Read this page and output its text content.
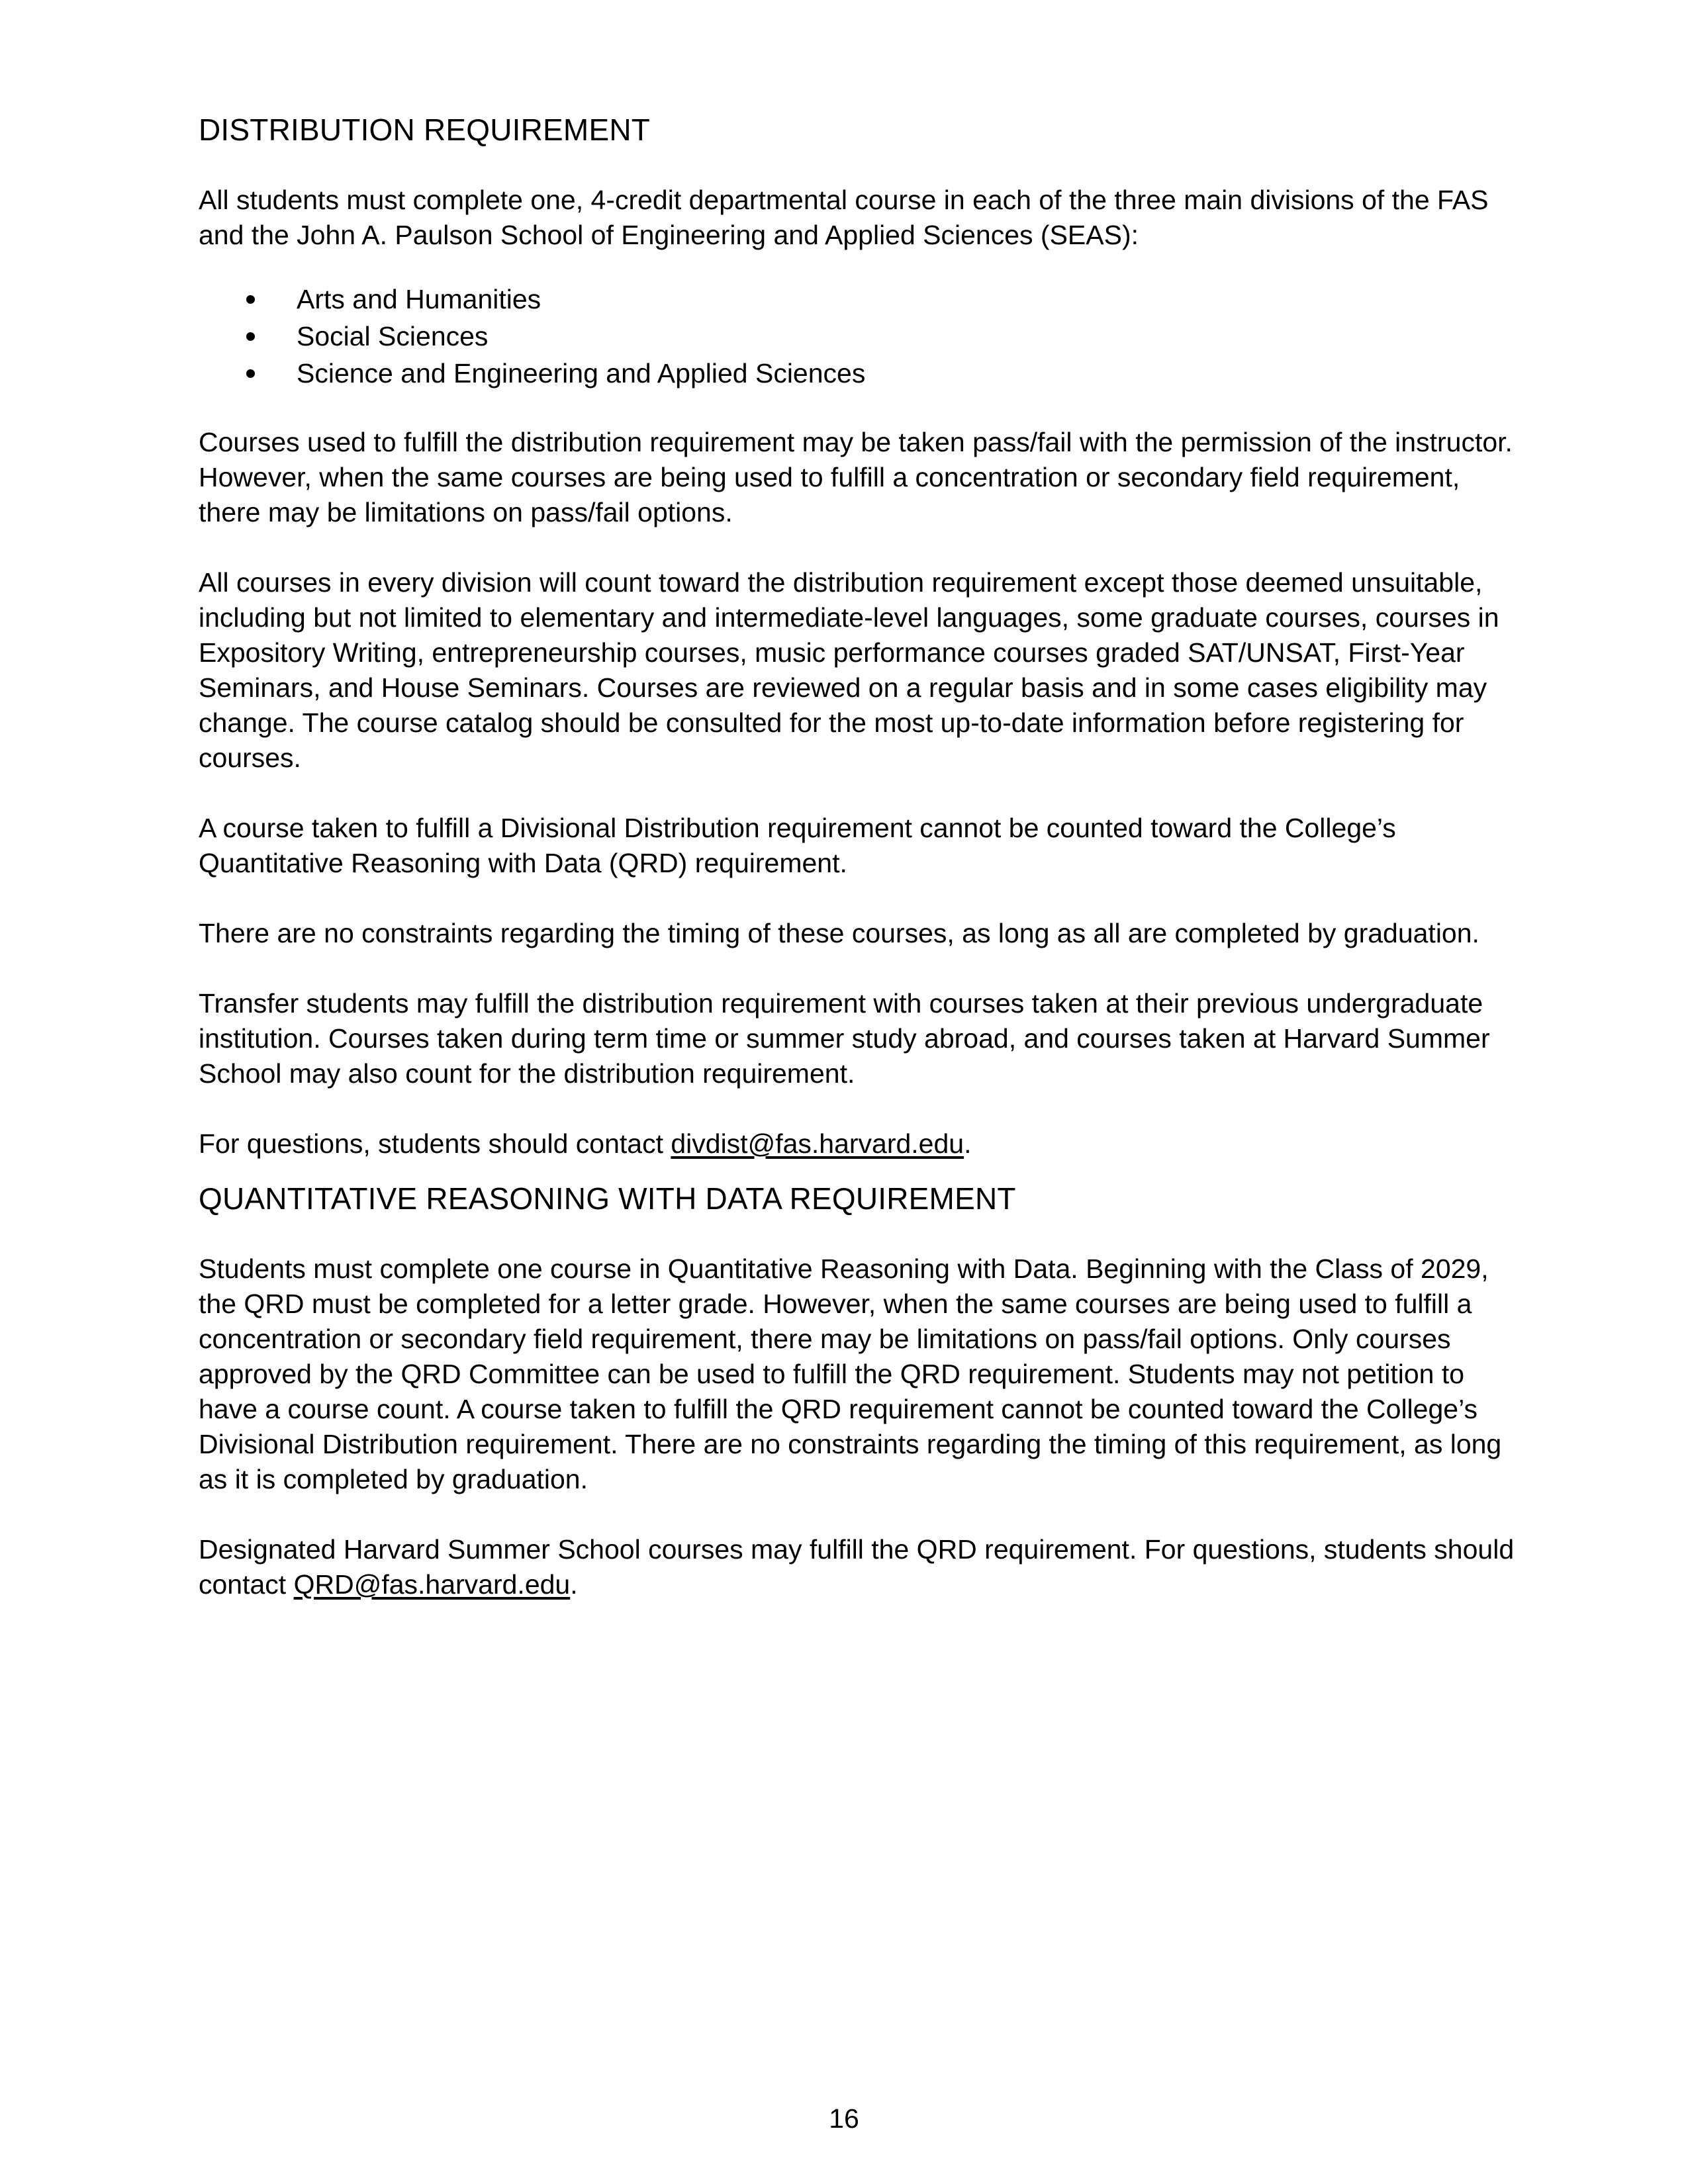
DISTRIBUTION REQUIREMENT

All students must complete one, 4-credit departmental course in each of the three main divisions of the FAS and the John A. Paulson School of Engineering and Applied Sciences (SEAS):

Arts and Humanities
Social Sciences
Science and Engineering and Applied Sciences

Courses used to fulfill the distribution requirement may be taken pass/fail with the permission of the instructor. However, when the same courses are being used to fulfill a concentration or secondary field requirement, there may be limitations on pass/fail options.

All courses in every division will count toward the distribution requirement except those deemed unsuitable, including but not limited to elementary and intermediate-level languages, some graduate courses, courses in Expository Writing, entrepreneurship courses, music performance courses graded SAT/UNSAT, First-Year Seminars, and House Seminars. Courses are reviewed on a regular basis and in some cases eligibility may change. The course catalog should be consulted for the most up-to-date information before registering for courses.

A course taken to fulfill a Divisional Distribution requirement cannot be counted toward the College’s Quantitative Reasoning with Data (QRD) requirement.

There are no constraints regarding the timing of these courses, as long as all are completed by graduation.

Transfer students may fulfill the distribution requirement with courses taken at their previous undergraduate institution. Courses taken during term time or summer study abroad, and courses taken at Harvard Summer School may also count for the distribution requirement.

For questions, students should contact divdist@fas.harvard.edu.

QUANTITATIVE REASONING WITH DATA REQUIREMENT

Students must complete one course in Quantitative Reasoning with Data. Beginning with the Class of 2029, the QRD must be completed for a letter grade. However, when the same courses are being used to fulfill a concentration or secondary field requirement, there may be limitations on pass/fail options. Only courses approved by the QRD Committee can be used to fulfill the QRD requirement. Students may not petition to have a course count. A course taken to fulfill the QRD requirement cannot be counted toward the College’s Divisional Distribution requirement. There are no constraints regarding the timing of this requirement, as long as it is completed by graduation.

Designated Harvard Summer School courses may fulfill the QRD requirement. For questions, students should contact QRD@fas.harvard.edu.

16
